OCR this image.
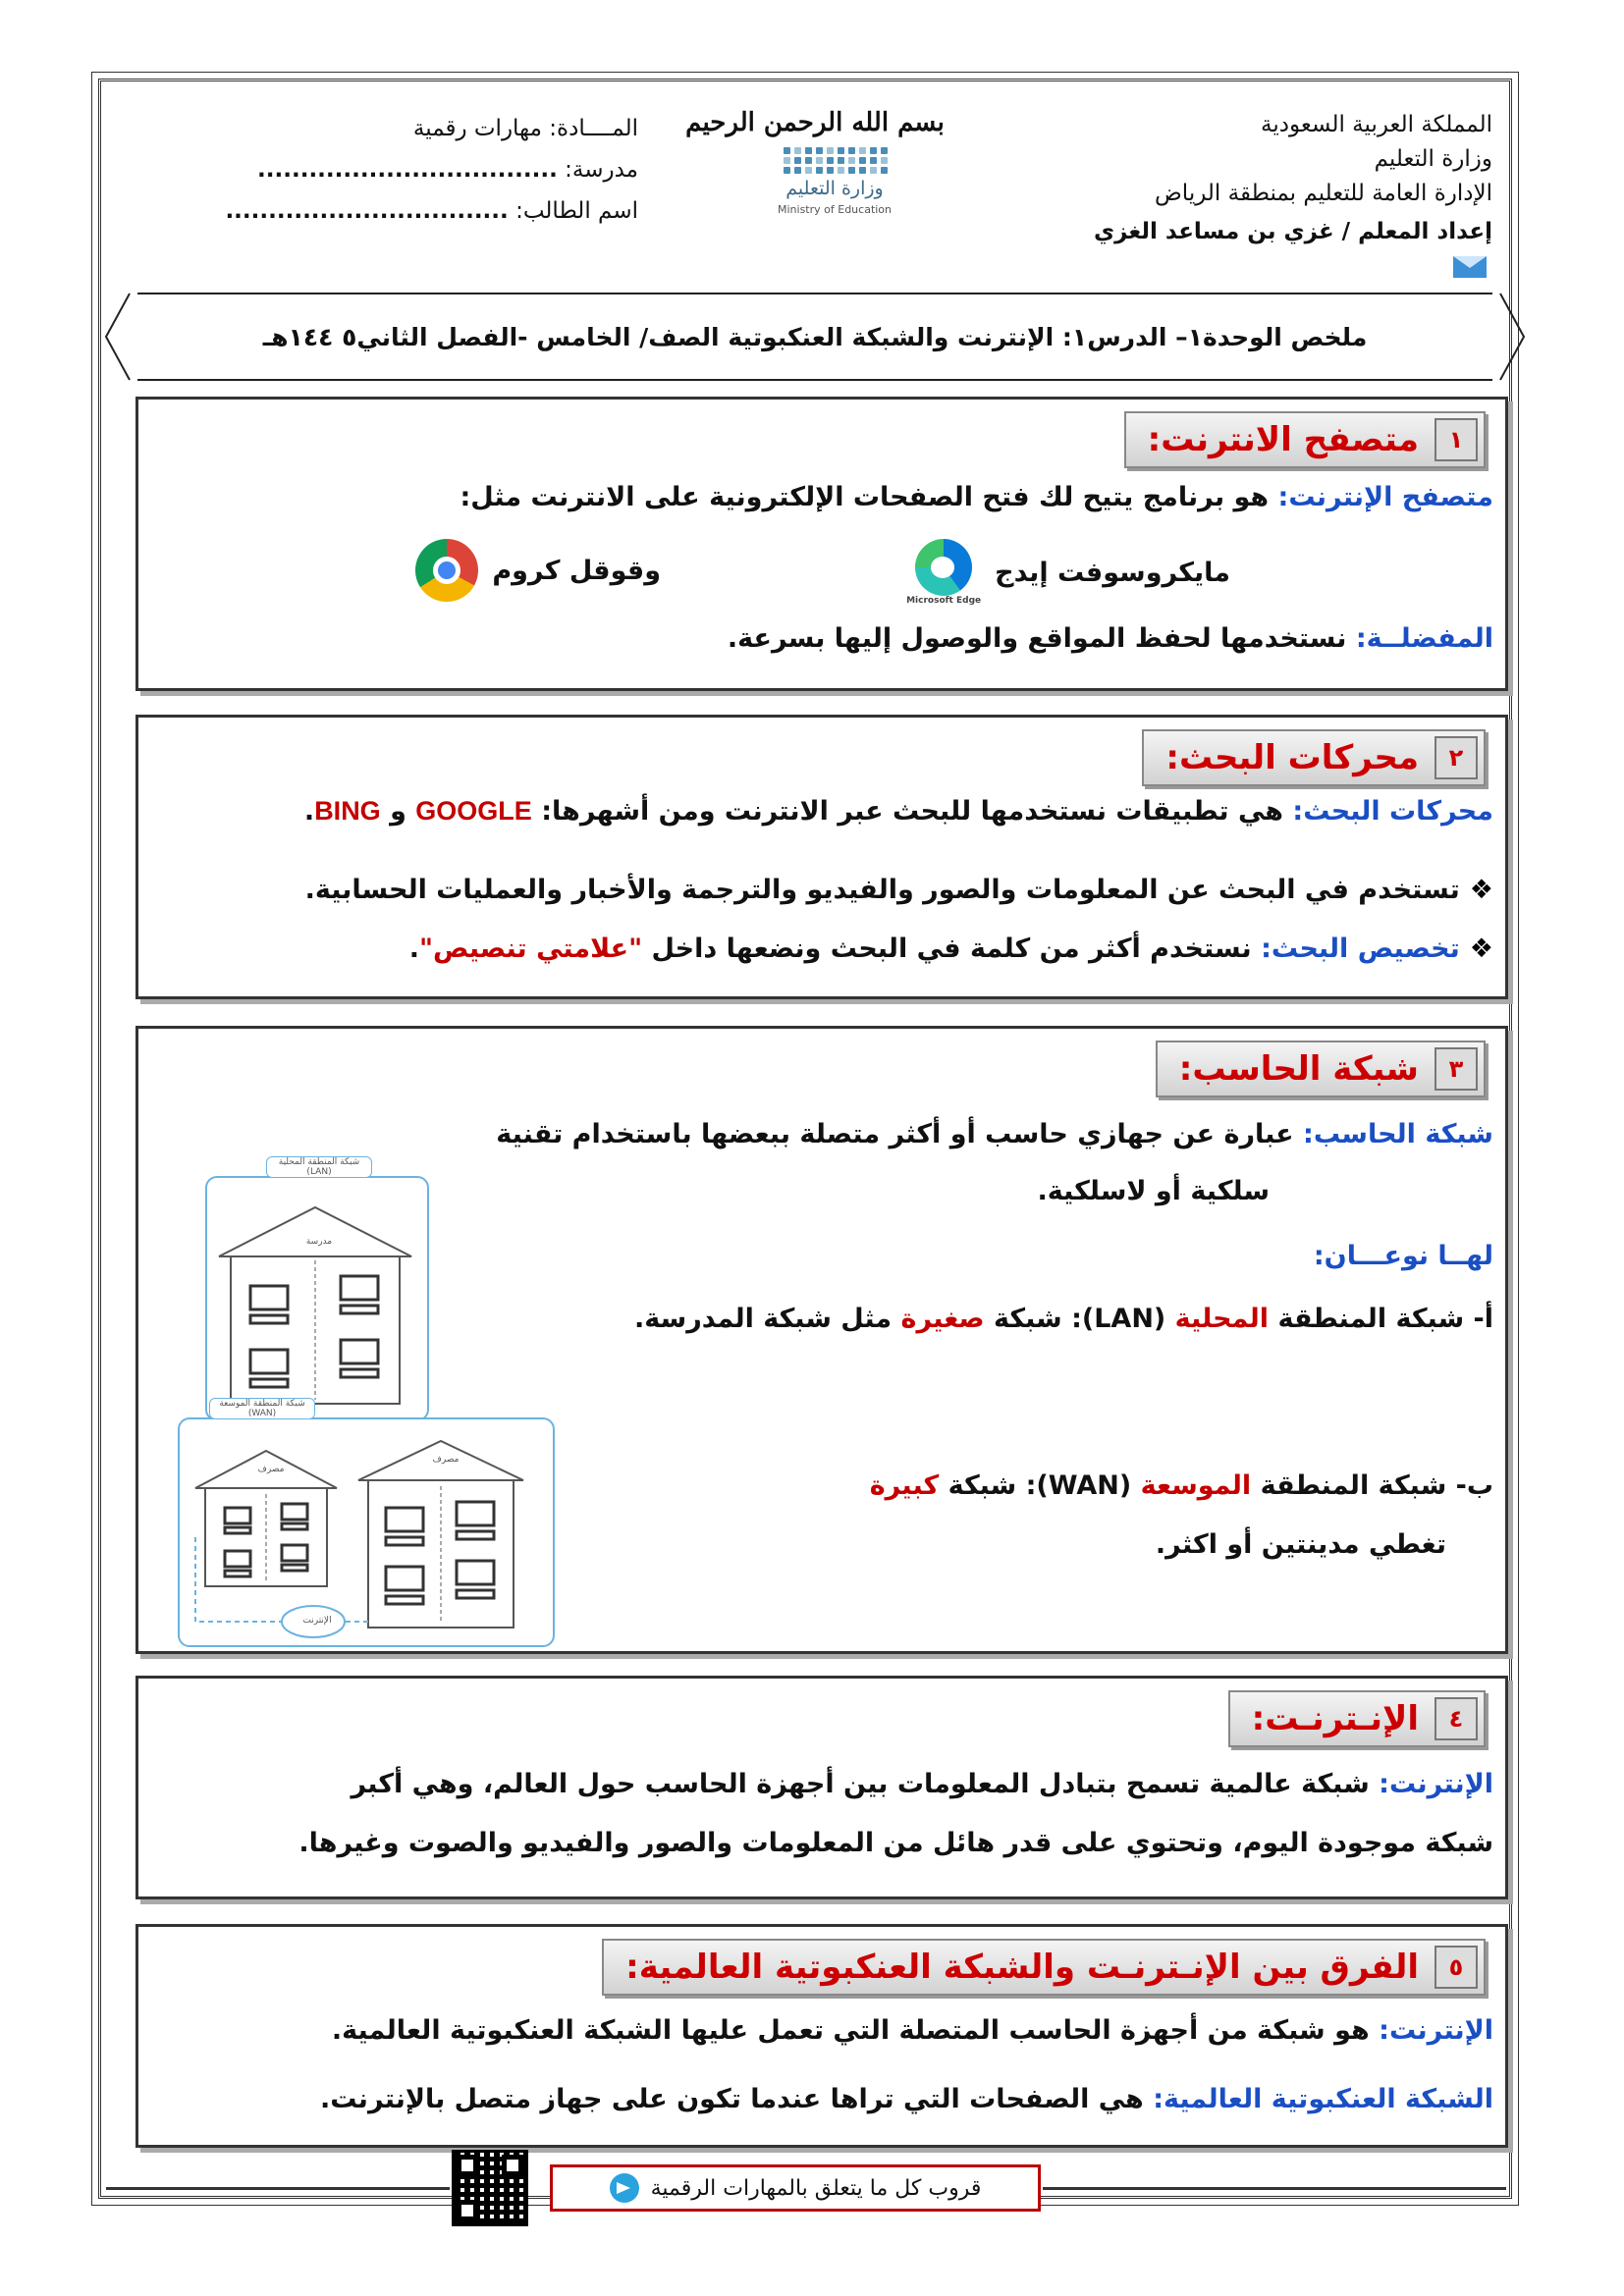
المملكة العربية السعودية
وزارة التعليم
الإدارة العامة للتعليم بمنطقة الرياض
إعداد المعلم / غزي بن مساعد الغزي
بسم الله الرحمن الرحيم
وزارة التعليم
Ministry of Education
المــــادة: مهارات رقمية
مدرسة: ...................................
اسم الطالب: .................................
ملخص الوحدة١– الدرس١: الإنترنت والشبكة العنكبوتية الصف/ الخامس -الفصل الثاني٥ ١٤٤هـ
١
متصفح الانترنت:
متصفح الإنترنت: هو برنامج يتيح لك فتح الصفحات الإلكترونية على الانترنت مثل:
مايكروسوفت إيدج
Microsoft Edge
وقوقل كروم
المفضلــة: نستخدمها لحفظ المواقع والوصول إليها بسرعة.
٢
محركات البحث:
محركات البحث: هي تطبيقات نستخدمها للبحث عبر الانترنت ومن أشهرها: GOOGLE و BING.
❖تستخدم في البحث عن المعلومات والصور والفيديو والترجمة والأخبار والعمليات الحسابية.
❖تخصيص البحث: نستخدم أكثر من كلمة في البحث ونضعها داخل "علامتي تنصيص".
٣
شبكة الحاسب:
شبكة الحاسب: عبارة عن جهازي حاسب أو أكثر متصلة ببعضها باستخدام تقنية
سلكية أو لاسلكية.
لهــا نوعـــان:
أ- شبكة المنطقة المحلية (LAN): شبكة صغيرة مثل شبكة المدرسة.
ب- شبكة المنطقة الموسعة (WAN): شبكة كبيرة
تغطي مدينتين أو اكثر.
شبكة المنطقة المحلية (LAN)
مدرسة
شبكة المنطقة الموسعة (WAN)
مصرف
مصرف
الإنترنت
٤
الإنـترنـت:
الإنترنت: شبكة عالمية تسمح بتبادل المعلومات بين أجهزة الحاسب حول العالم، وهي أكبر
شبكة موجودة اليوم، وتحتوي على قدر هائل من المعلومات والصور والفيديو والصوت وغيرها.
٥
الفرق بين الإنـترنـت والشبكة العنكبوتية العالمية:
الإنترنت: هو شبكة من أجهزة الحاسب المتصلة التي تعمل عليها الشبكة العنكبوتية العالمية.
الشبكة العنكبوتية العالمية: هي الصفحات التي تراها عندما تكون على جهاز متصل بالإنترنت.
قروب كل ما يتعلق بالمهارات الرقمية
